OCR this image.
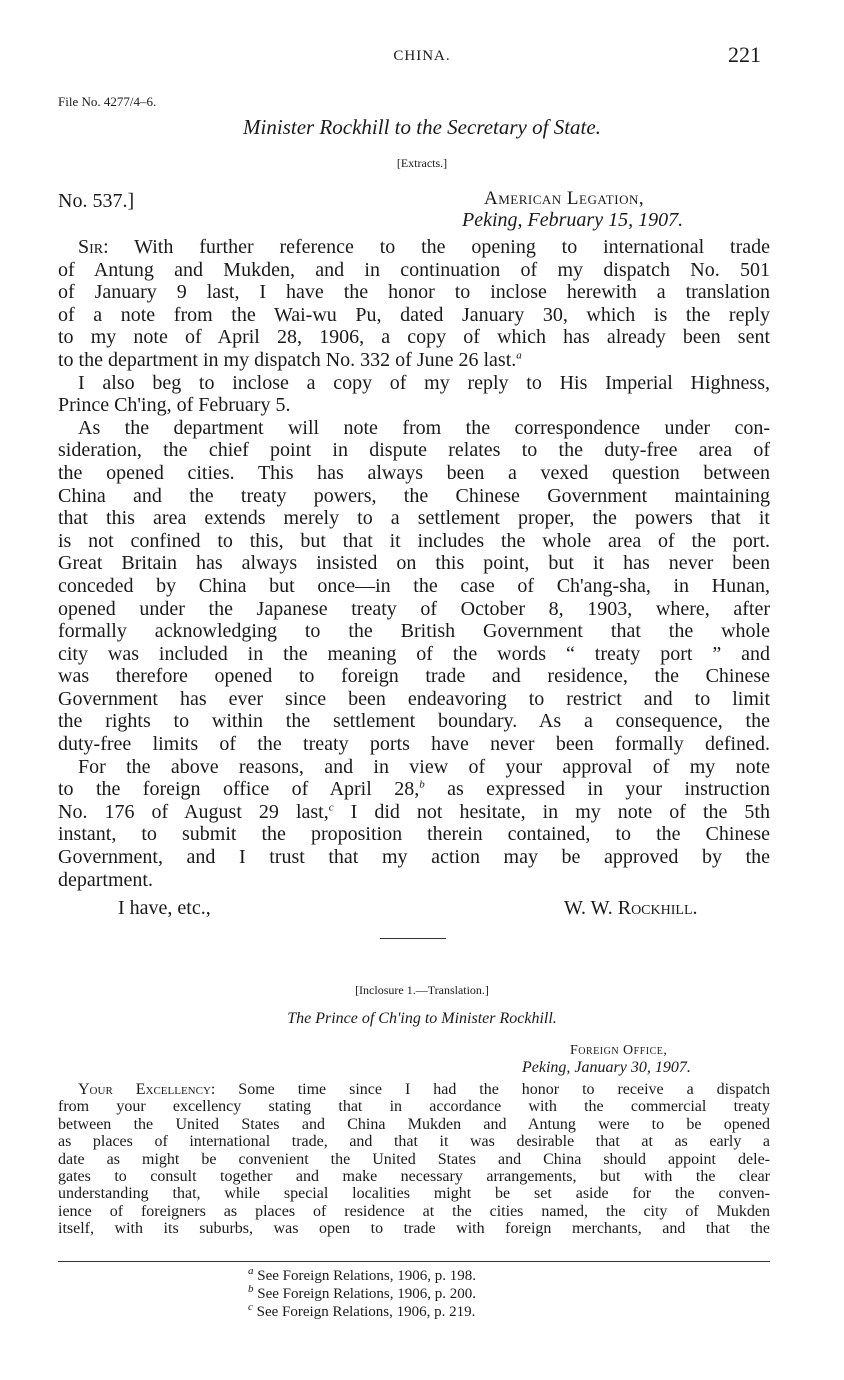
CHINA.	221
File No. 4277/4–6.
Minister Rockhill to the Secretary of State.
[Extracts.]
No. 537.]	American Legation,
Peking, February 15, 1907.
Sir: With further reference to the opening to international trade
of Antung and Mukden, and in continuation of my dispatch No. 501
of January 9 last, I have the honor to inclose herewith a translation
of a note from the Wai-wu Pu, dated January 30, which is the reply
to my note of April 28, 1906, a copy of which has already been sent
to the department in my dispatch No. 332 of June 26 last.$^a$
I also beg to inclose a copy of my reply to His Imperial Highness,
Prince Ch'ing, of February 5.
As the department will note from the correspondence under con-
sideration, the chief point in dispute relates to the duty-free area of
the opened cities. This has always been a vexed question between
China and the treaty powers, the Chinese Government maintaining
that this area extends merely to a settlement proper, the powers that it
is not confined to this, but that it includes the whole area of the port.
Great Britain has always insisted on this point, but it has never been
conceded by China but once—in the case of Ch'ang-sha, in Hunan,
opened under the Japanese treaty of October 8, 1903, where, after
formally acknowledging to the British Government that the whole
city was included in the meaning of the words “ treaty port ” and
was therefore opened to foreign trade and residence, the Chinese
Government has ever since been endeavoring to restrict and to limit
the rights to within the settlement boundary. As a consequence, the
duty-free limits of the treaty ports have never been formally defined.
For the above reasons, and in view of your approval of my note
to the foreign office of April 28,$^b$ as expressed in your instruction
No. 176 of August 29 last,$^c$ I did not hesitate, in my note of the 5th
instant, to submit the proposition therein contained, to the Chinese
Government, and I trust that my action may be approved by the
department.
I have, etc.,	W. W. Rockhill.
[Inclosure 1.—Translation.]
The Prince of Ch'ing to Minister Rockhill.
Foreign Office,
Peking, January 30, 1907.
Your Excellency: Some time since I had the honor to receive a dispatch
from your excellency stating that in accordance with the commercial treaty
between the United States and China Mukden and Antung were to be opened
as places of international trade, and that it was desirable that at as early a
date as might be convenient the United States and China should appoint dele-
gates to consult together and make necessary arrangements, but with the clear
understanding that, while special localities might be set aside for the conven-
ience of foreigners as places of residence at the cities named, the city of Mukden
itself, with its suburbs, was open to trade with foreign merchants, and that the
$^a$ See Foreign Relations, 1906, p. 198.
$^b$ See Foreign Relations, 1906, p. 200.
$^c$ See Foreign Relations, 1906, p. 219.
